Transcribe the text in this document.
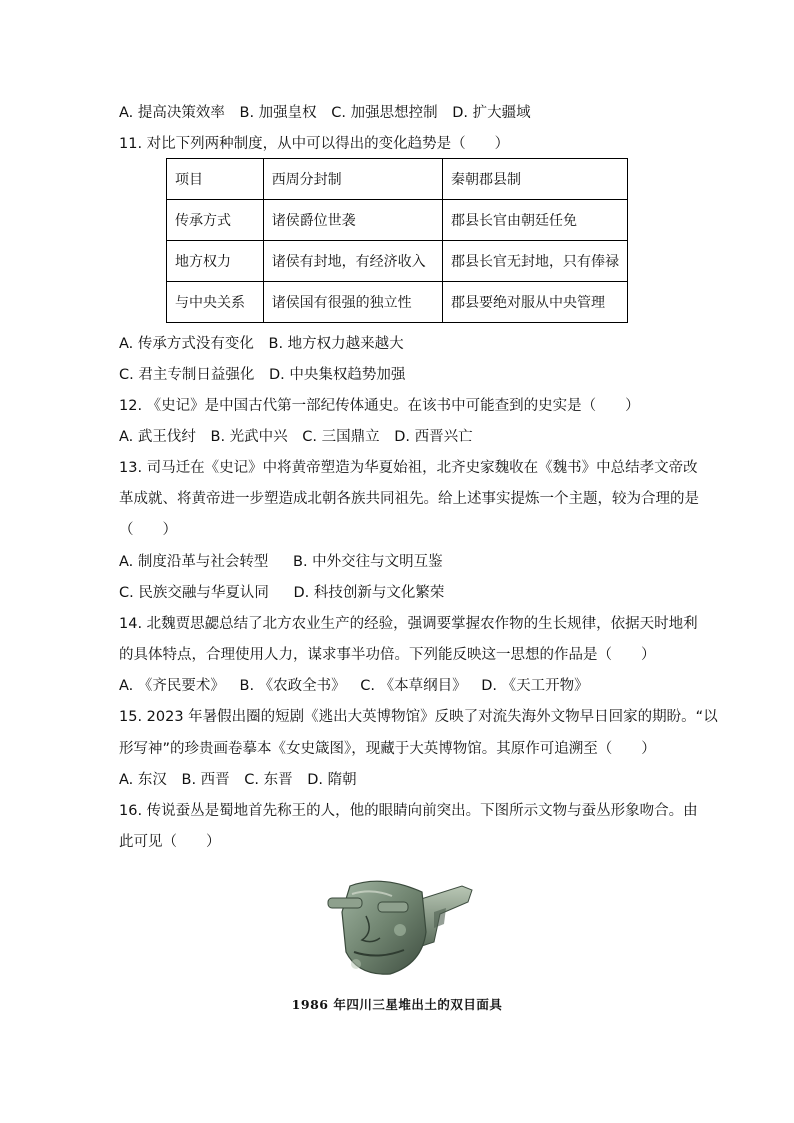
A. 提高决策效率 B. 加强皇权 C. 加强思想控制 D. 扩大疆域
11. 对比下列两种制度，从中可以得出的变化趋势是（　　）
项目	西周分封制	秦朝郡县制
传承方式	诸侯爵位世袭	郡县长官由朝廷任免
地方权力	诸侯有封地，有经济收入	郡县长官无封地，只有俸禄
与中央关系	诸侯国有很强的独立性	郡县要绝对服从中央管理
A. 传承方式没有变化 B. 地方权力越来越大
C. 君主专制日益强化 D. 中央集权趋势加强
12. 《史记》是中国古代第一部纪传体通史。在该书中可能查到的史实是（　　）
A. 武王伐纣 B. 光武中兴 C. 三国鼎立 D. 西晋兴亡
13. 司马迁在《史记》中将黄帝塑造为华夏始祖，北齐史家魏收在《魏书》中总结孝文帝改
革成就、将黄帝进一步塑造成北朝各族共同祖先。给上述事实提炼一个主题，较为合理的是
（　　）
A. 制度沿革与社会转型 B. 中外交往与文明互鉴
C. 民族交融与华夏认同 D. 科技创新与文化繁荣
14. 北魏贾思勰总结了北方农业生产的经验，强调要掌握农作物的生长规律，依据天时地利
的具体特点，合理使用人力，谋求事半功倍。下列能反映这一思想的作品是（　　）
A. 《齐民要术》 B. 《农政全书》 C. 《本草纲目》 D. 《天工开物》
15. 2023 年暑假出圈的短剧《逃出大英博物馆》反映了对流失海外文物早日回家的期盼。“以
形写神”的珍贵画卷摹本《女史箴图》，现藏于大英博物馆。其原作可追溯至（　　）
A. 东汉 B. 西晋 C. 东晋 D. 隋朝
16. 传说蚕丛是蜀地首先称王的人，他的眼睛向前突出。下图所示文物与蚕丛形象吻合。由
此可见（　　）
1986 年四川三星堆出土的双目面具
